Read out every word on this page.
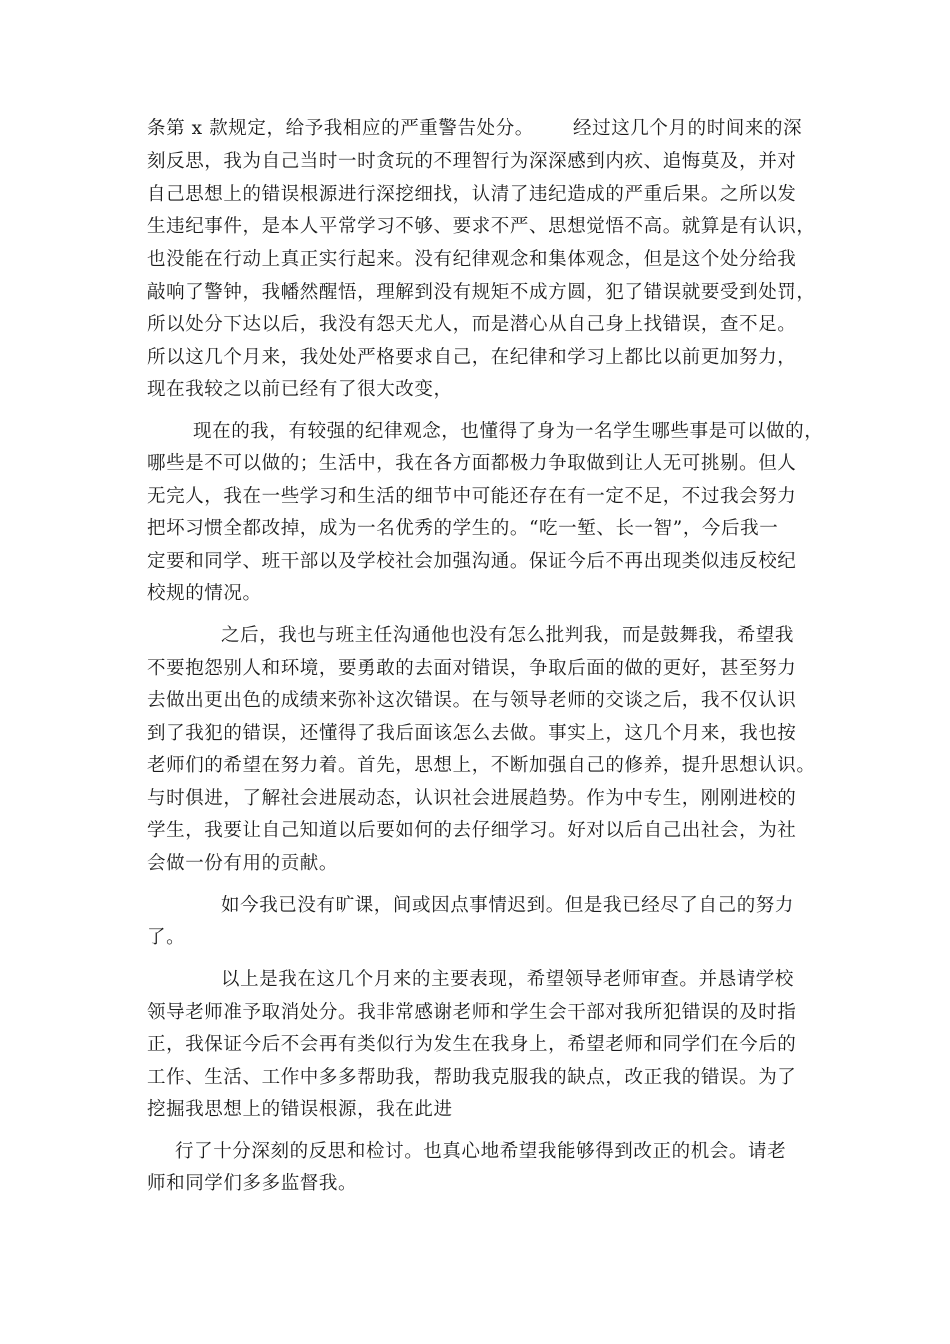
条第 x 款规定，给予我相应的严重警告处分。 经过这几个月的时间来的深
刻反思，我为自己当时一时贪玩的不理智行为深深感到内疚、追悔莫及，并对
自己思想上的错误根源进行深挖细找，认清了违纪造成的严重后果。之所以发
生违纪事件，是本人平常学习不够、要求不严、思想觉悟不高。就算是有认识，
也没能在行动上真正实行起来。没有纪律观念和集体观念，但是这个处分给我
敲响了警钟，我幡然醒悟，理解到没有规矩不成方圆，犯了错误就要受到处罚，
所以处分下达以后，我没有怨天尤人，而是潜心从自己身上找错误，查不足。
所以这几个月来，我处处严格要求自己，在纪律和学习上都比以前更加努力，
现在我较之以前已经有了很大改变，
现在的我，有较强的纪律观念，也懂得了身为一名学生哪些事是可以做的，
哪些是不可以做的；生活中，我在各方面都极力争取做到让人无可挑剔。但人
无完人，我在一些学习和生活的细节中可能还存在有一定不足，不过我会努力
把坏习惯全都改掉，成为一名优秀的学生的。“吃一堑、长一智”，今后我一
定要和同学、班干部以及学校社会加强沟通。保证今后不再出现类似违反校纪
校规的情况。
之后，我也与班主任沟通他也没有怎么批判我，而是鼓舞我，希望我
不要抱怨别人和环境，要勇敢的去面对错误，争取后面的做的更好，甚至努力
去做出更出色的成绩来弥补这次错误。在与领导老师的交谈之后，我不仅认识
到了我犯的错误，还懂得了我后面该怎么去做。事实上，这几个月来，我也按
老师们的希望在努力着。首先，思想上，不断加强自己的修养，提升思想认识。
与时俱进，了解社会进展动态，认识社会进展趋势。作为中专生，刚刚进校的
学生，我要让自己知道以后要如何的去仔细学习。好对以后自己出社会，为社
会做一份有用的贡献。
如今我已没有旷课，间或因点事情迟到。但是我已经尽了自己的努力
了。
以上是我在这几个月来的主要表现，希望领导老师审查。并恳请学校
领导老师准予取消处分。我非常感谢老师和学生会干部对我所犯错误的及时指
正，我保证今后不会再有类似行为发生在我身上，希望老师和同学们在今后的
工作、生活、工作中多多帮助我，帮助我克服我的缺点，改正我的错误。为了
挖掘我思想上的错误根源，我在此进
行了十分深刻的反思和检讨。也真心地希望我能够得到改正的机会。请老
师和同学们多多监督我。
